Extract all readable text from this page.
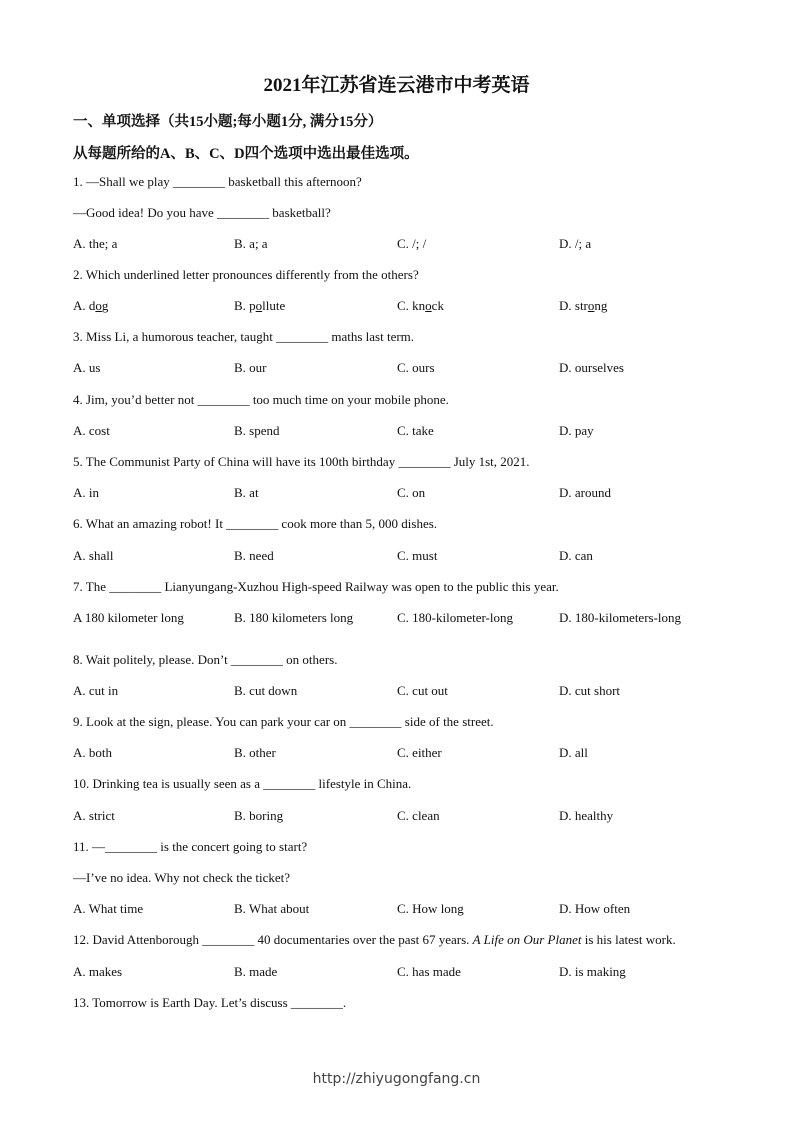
2021年江苏省连云港市中考英语
一、单项选择（共15小题;每小题1分, 满分15分）
从每题所给的A、B、C、D四个选项中选出最佳选项。
1. —Shall we play ________ basketball this afternoon?
—Good idea! Do you have ________ basketball?
A. the; a	B. a; a	C. /; /	D. /; a
2. Which underlined letter pronounces differently from the others?
A. dog	B. pollute	C. knock	D. strong
3. Miss Li, a humorous teacher, taught ________ maths last term.
A. us	B. our	C. ours	D. ourselves
4. Jim, you’d better not ________ too much time on your mobile phone.
A. cost	B. spend	C. take	D. pay
5. The Communist Party of China will have its 100th birthday ________ July 1st, 2021.
A. in	B. at	C. on	D. around
6. What an amazing robot! It ________ cook more than 5, 000 dishes.
A. shall	B. need	C. must	D. can
7. The ________ Lianyungang-Xuzhou High-speed Railway was open to the public this year.
A 180 kilometer long	B. 180 kilometers long	C. 180-kilometer-long	D. 180-kilometers-long
8. Wait politely, please. Don’t ________ on others.
A. cut in	B. cut down	C. cut out	D. cut short
9. Look at the sign, please. You can park your car on ________ side of the street.
A. both	B. other	C. either	D. all
10. Drinking tea is usually seen as a ________ lifestyle in China.
A. strict	B. boring	C. clean	D. healthy
11. —________ is the concert going to start?
—I’ve no idea. Why not check the ticket?
A. What time	B. What about	C. How long	D. How often
12. David Attenborough ________ 40 documentaries over the past 67 years. A Life on Our Planet is his latest work.
A. makes	B. made	C. has made	D. is making
13. Tomorrow is Earth Day. Let’s discuss ________.
http://zhiyugongfang.cn
